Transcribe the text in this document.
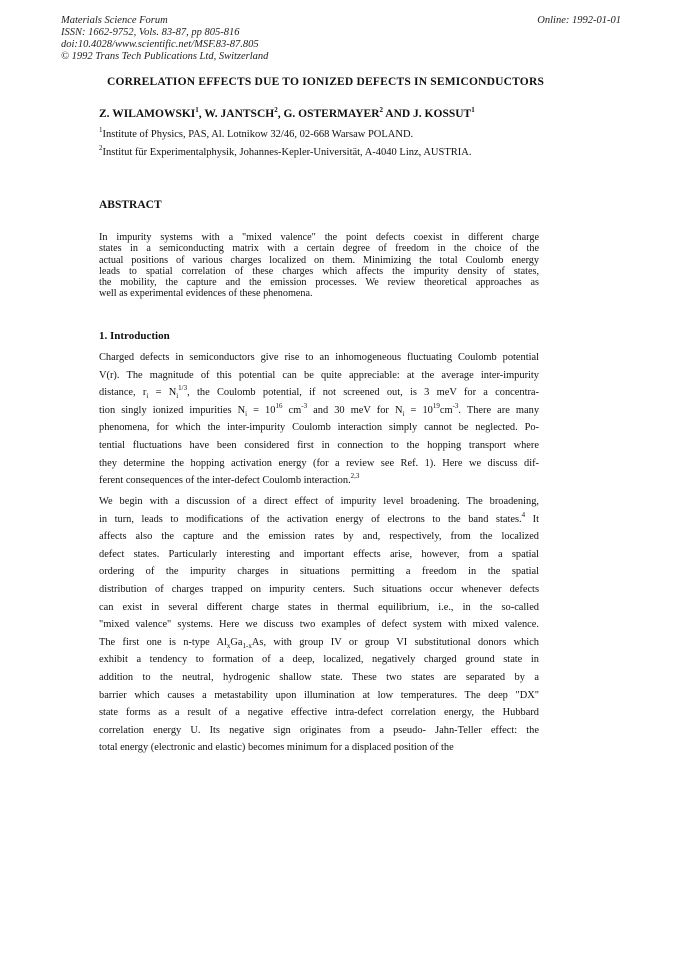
Materials Science Forum
ISSN: 1662-9752, Vols. 83-87, pp 805-816
doi:10.4028/www.scientific.net/MSF.83-87.805
© 1992 Trans Tech Publications Ltd, Switzerland
Online: 1992-01-01
CORRELATION EFFECTS DUE TO IONIZED DEFECTS IN SEMICONDUCTORS
Z. WILAMOWSKI$^1$, W. JANTSCH$^2$, G. OSTERMAYER$^2$ AND J. KOSSUT$^1$
$^1$Institute of Physics, PAS, Al. Lotnikow 32/46, 02-668 Warsaw POLAND.
$^2$Institut für Experimentalphysik, Johannes-Kepler-Universität, A-4040 Linz, AUSTRIA.
ABSTRACT
In impurity systems with a "mixed valence" the point defects coexist in different charge
states in a semiconducting matrix with a certain degree of freedom in the choice of the
actual positions of various charges localized on them. Minimizing the total Coulomb energy
leads to spatial correlation of these charges which affects the impurity density of states,
the mobility, the capture and the emission processes. We review theoretical approaches as
well as experimental evidences of these phenomena.
1. Introduction
Charged defects in semiconductors give rise to an inhomogeneous fluctuating Coulomb potential
V(r). The magnitude of this potential can be quite appreciable: at the average inter-impurity
distance, $r_i = N_i^{1/3}$, the Coulomb potential, if not screened out, is 3 meV for a concentra-
tion singly ionized impurities $N_i = 10^{16}$ $cm^{-3}$ and 30 meV for $N_i = 10^{19}cm^{-3}$. There are many
phenomena, for which the inter-impurity Coulomb interaction simply cannot be neglected. Po-
tential fluctuations have been considered first in connection to the hopping transport where
they determine the hopping activation energy (for a review see Ref. 1). Here we discuss dif-
ferent consequences of the inter-defect Coulomb interaction.$^{2,3}$
We begin with a discussion of a direct effect of impurity level broadening. The broadening,
in turn, leads to modifications of the activation energy of electrons to the band states.$^4$ It
affects also the capture and the emission rates by and, respectively, from the localized
defect states. Particularly interesting and important effects arise, however, from a spatial
ordering of the impurity charges in situations permitting a freedom in the spatial
distribution of charges trapped on impurity centers. Such situations occur whenever defects
can exist in several different charge states in thermal equilibrium, i.e., in the so-called
"mixed valence" systems. Here we discuss two examples of defect system with mixed valence.
The first one is n-type $Al_xGa_{1-x}As$, with group IV or group VI substitutional donors which
exhibit a tendency to formation of a deep, localized, negatively charged ground state in
addition to the neutral, hydrogenic shallow state. These two states are separated by a
barrier which causes a metastability upon illumination at low temperatures. The deep "DX"
state forms as a result of a negative effective intra-defect correlation energy, the Hubbard
correlation energy U. Its negative sign originates from a pseudo- Jahn-Teller effect: the
total energy (electronic and elastic) becomes minimum for a displaced position of the
